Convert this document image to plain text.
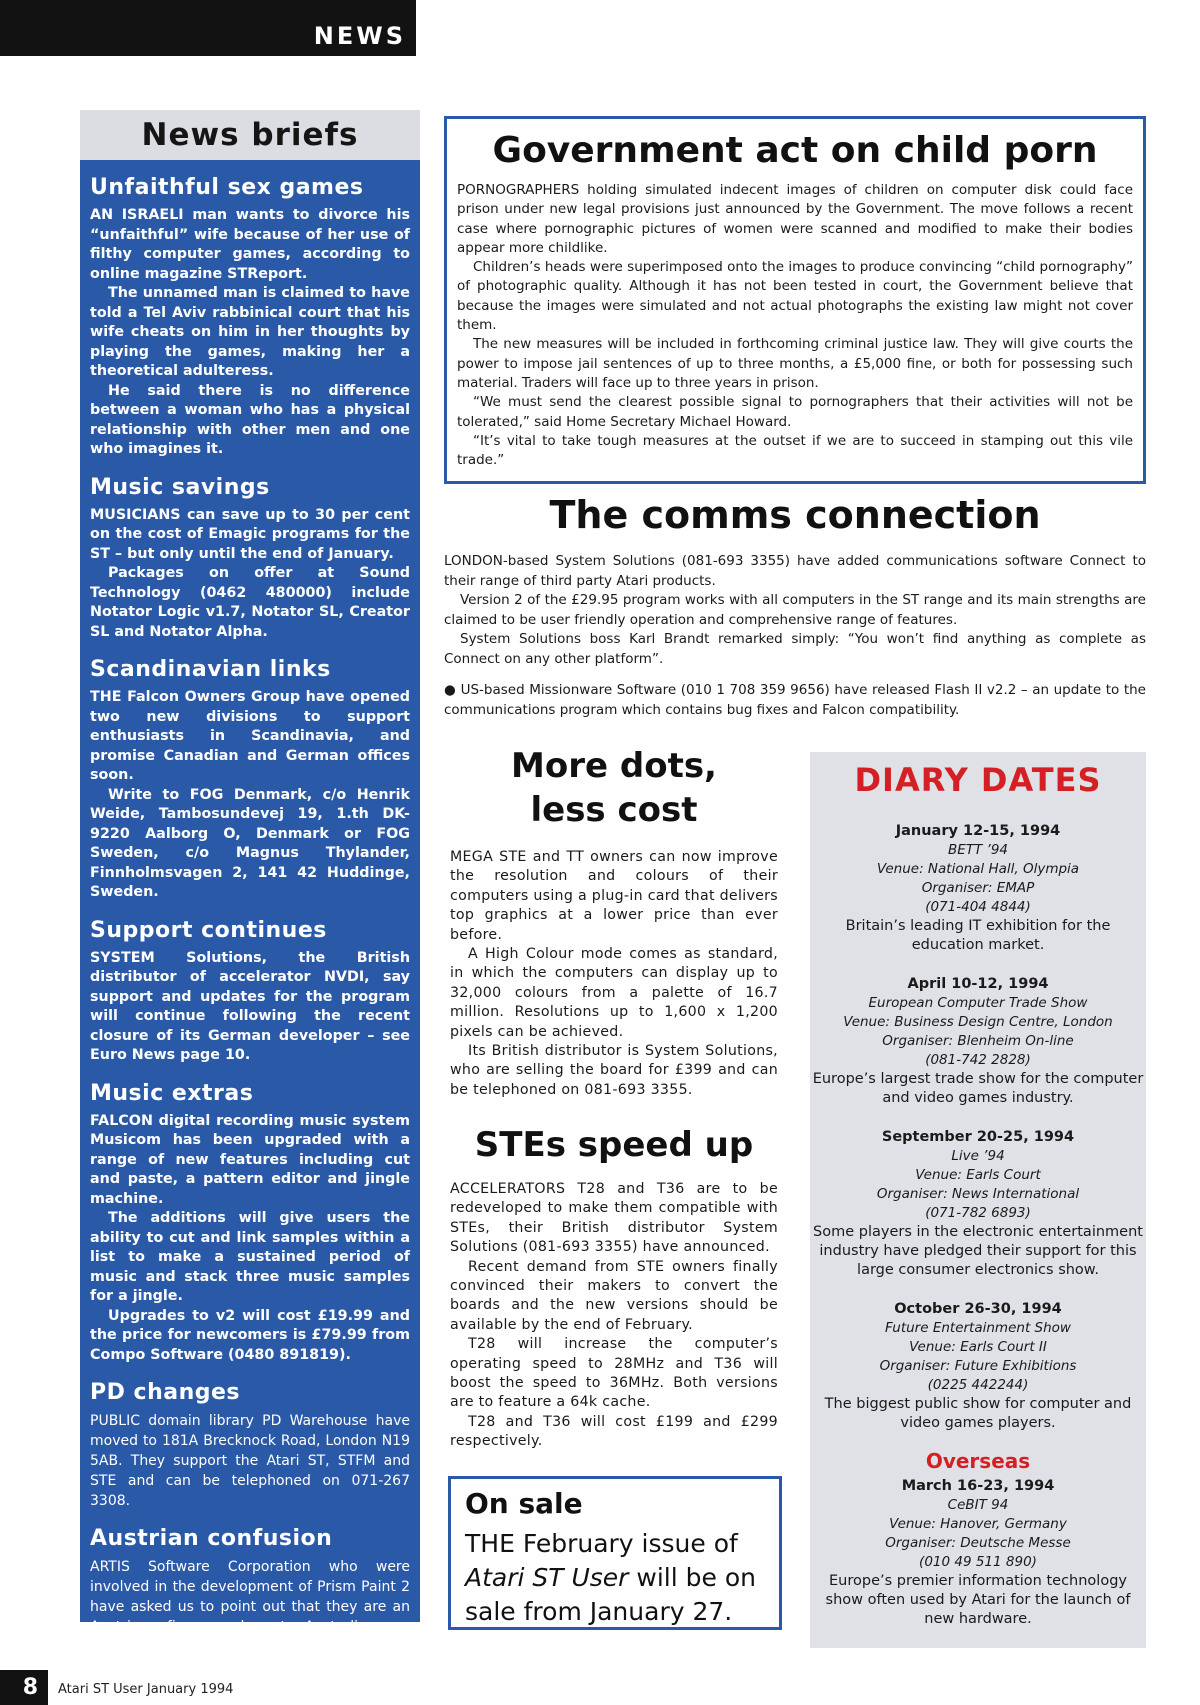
NEWS
News briefs
Unfaithful sex games

AN ISRAELI man wants to divorce his “unfaithful” wife because of her use of filthy computer games, according to online magazine STReport.

The unnamed man is claimed to have told a Tel Aviv rabbinical court that his wife cheats on him in her thoughts by playing the games, making her a theoretical adulteress.

He said there is no difference between a woman who has a physical relationship with other men and one who imagines it.

Music savings

MUSICIANS can save up to 30 per cent on the cost of Emagic programs for the ST – but only until the end of January.

Packages on offer at Sound Technology (0462 480000) include Notator Logic v1.7, Notator SL, Creator SL and Notator Alpha.

Scandinavian links

THE Falcon Owners Group have opened two new divisions to support enthusiasts in Scandinavia, and promise Canadian and German offices soon.

Write to FOG Denmark, c/o Henrik Weide, Tambosundevej 19, 1.th DK-9220 Aalborg O, Denmark or FOG Sweden, c/o Magnus Thylander, Finnholmsvagen 2, 141 42 Huddinge, Sweden.

Support continues

SYSTEM Solutions, the British distributor of accelerator NVDI, say support and updates for the program will continue following the recent closure of its German developer – see Euro News page 10.

Music extras

FALCON digital recording music system Musicom has been upgraded with a range of new features including cut and paste, a pattern editor and jingle machine.

The additions will give users the ability to cut and link samples within a list to make a sustained period of music and stack three music samples for a jingle.

Upgrades to v2 will cost £19.99 and the price for newcomers is £79.99 from Compo Software (0480 891819).

PD changes

PUBLIC domain library PD Warehouse have moved to 181A Brecknock Road, London N19 5AB. They support the Atari ST, STFM and STE and can be telephoned on 071-267 3308.

Austrian confusion

ARTIS Software Corporation who were involved in the development of Prism Paint 2 have asked us to point out that they are an Austrian firm, and not Australian as mentioned last month.

Government act on child porn

PORNOGRAPHERS holding simulated indecent images of children on computer disk could face prison under new legal provisions just announced by the Government. The move follows a recent case where pornographic pictures of women were scanned and modified to make their bodies appear more childlike.

Children’s heads were superimposed onto the images to produce convincing “child pornography” of photographic quality. Although it has not been tested in court, the Government believe that because the images were simulated and not actual photographs the existing law might not cover them.

The new measures will be included in forthcoming criminal justice law. They will give courts the power to impose jail sentences of up to three months, a £5,000 fine, or both for possessing such material. Traders will face up to three years in prison.

“We must send the clearest possible signal to pornographers that their activities will not be tolerated,” said Home Secretary Michael Howard.

“It’s vital to take tough measures at the outset if we are to succeed in stamping out this vile trade.”

The comms connection

LONDON-based System Solutions (081-693 3355) have added communications software Connect to their range of third party Atari products.

Version 2 of the £29.95 program works with all computers in the ST range and its main strengths are claimed to be user friendly operation and comprehensive range of features.

System Solutions boss Karl Brandt remarked simply: “You won’t find anything as complete as Connect on any other platform”.

● US-based Missionware Software (010 1 708 359 9656) have released Flash II v2.2 – an update to the communications program which contains bug fixes and Falcon compatibility.

More dots,
less cost

MEGA STE and TT owners can now improve the resolution and colours of their computers using a plug-in card that delivers top graphics at a lower price than ever before.

A High Colour mode comes as standard, in which the computers can display up to 32,000 colours from a palette of 16.7 million. Resolutions up to 1,600 x 1,200 pixels can be achieved.

Its British distributor is System Solutions, who are selling the board for £399 and can be telephoned on 081-693 3355.

STEs speed up

ACCELERATORS T28 and T36 are to be redeveloped to make them compatible with STEs, their British distributor System Solutions (081-693 3355) have announced.

Recent demand from STE owners finally convinced their makers to convert the boards and the new versions should be available by the end of February.

T28 will increase the computer’s operating speed to 28MHz and T36 will boost the speed to 36MHz. Both versions are to feature a 64k cache.

T28 and T36 will cost £199 and £299 respectively.

On sale

THE February issue of Atari ST User will be on sale from January 27.

DIARY DATES
January 12-15, 1994
BETT ’94
Venue: National Hall, Olympia
Organiser: EMAP
(071-404 4844)
Britain’s leading IT exhibition for the education market.
April 10-12, 1994
European Computer Trade Show
Venue: Business Design Centre, London
Organiser: Blenheim On-line
(081-742 2828)
Europe’s largest trade show for the computer and video games industry.
September 20-25, 1994
Live ’94
Venue: Earls Court
Organiser: News International
(071-782 6893)
Some players in the electronic entertainment industry have pledged their support for this large consumer electronics show.
October 26-30, 1994
Future Entertainment Show
Venue: Earls Court II
Organiser: Future Exhibitions
(0225 442244)
The biggest public show for computer and video games players.
Overseas
March 16-23, 1994
CeBIT 94
Venue: Hanover, Germany
Organiser: Deutsche Messe
(010 49 511 890)
Europe’s premier information technology show often used by Atari for the launch of new hardware.
8	Atari ST User January 1994
